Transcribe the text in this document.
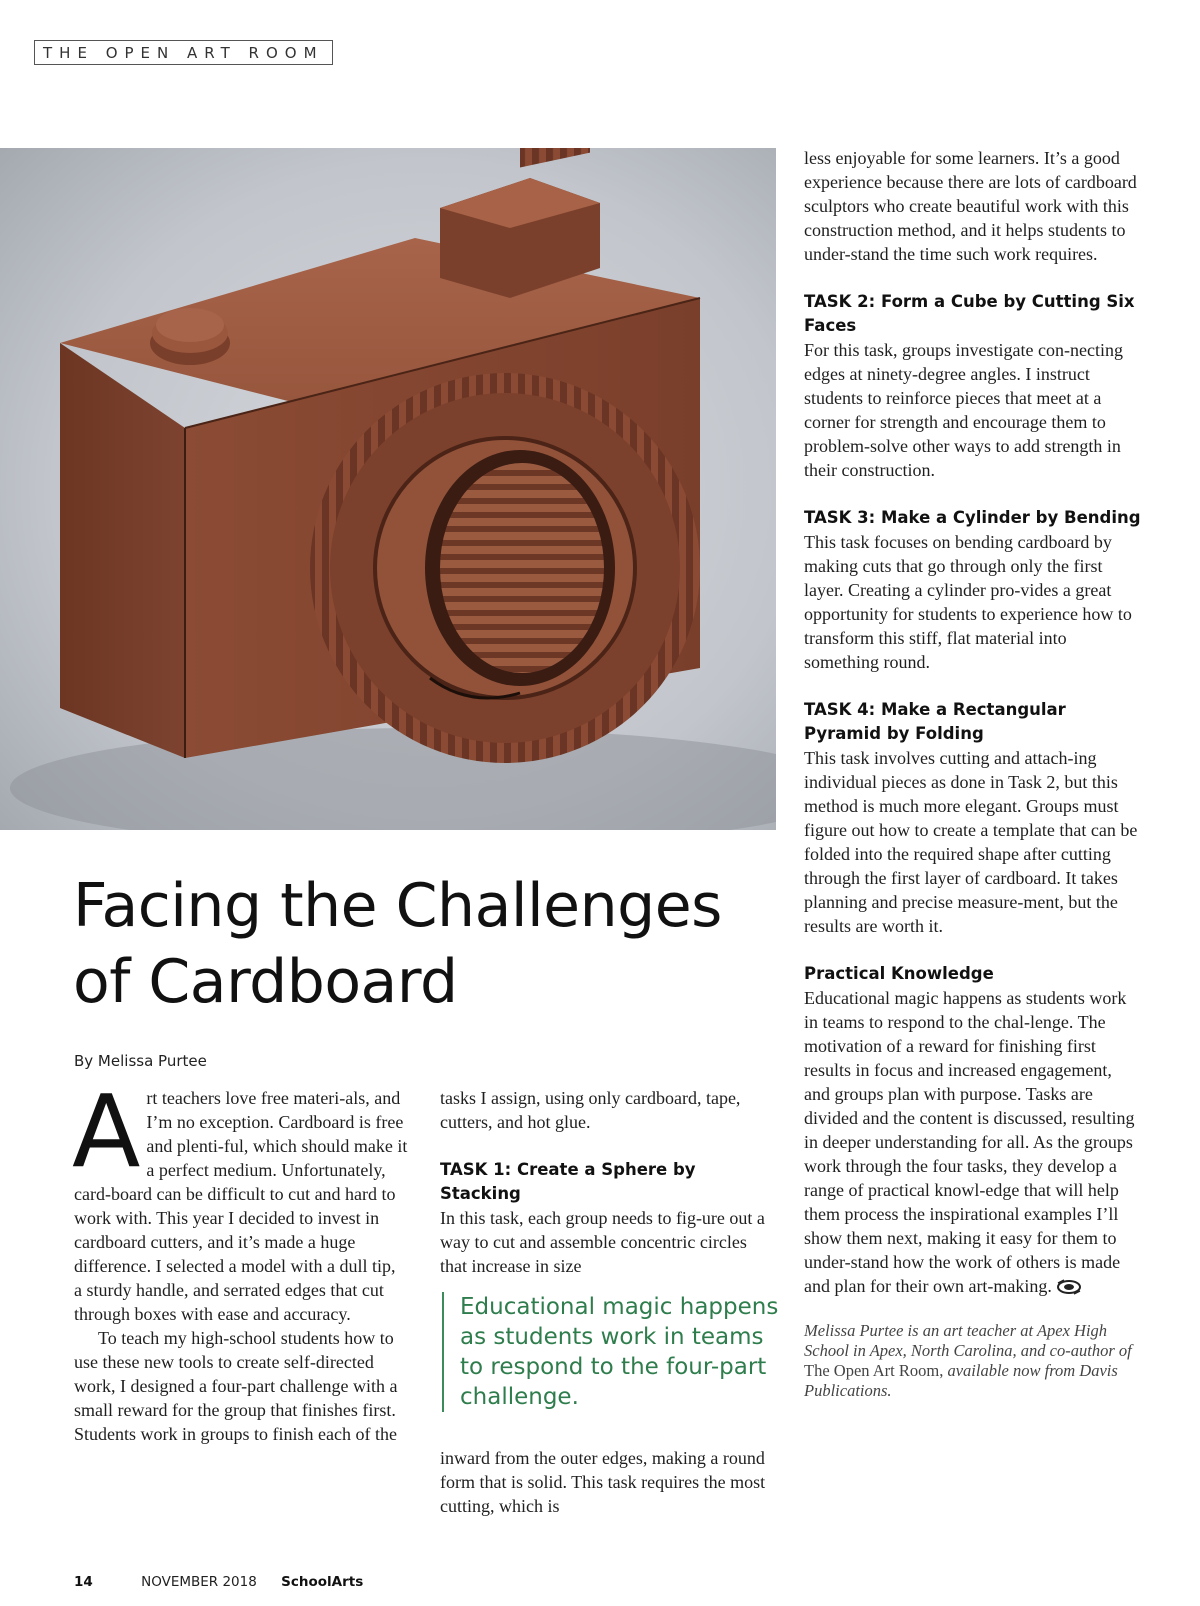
THE OPEN ART ROOM
Facing the Challenges
of Cardboard
By Melissa Purtee

Art teachers love free materi-als, and I’m no exception. Cardboard is free and plenti-ful, which should make it a perfect medium. Unfortunately, card-board can be difficult to cut and hard to work with. This year I decided to invest in cardboard cutters, and it’s made a huge difference. I selected a model with a dull tip, a sturdy handle, and serrated edges that cut through boxes with ease and accuracy.

To teach my high-school students how to use these new tools to create self-directed work, I designed a four-part challenge with a small reward for the group that finishes first. Students work in groups to finish each of the

tasks I assign, using only cardboard, tape, cutters, and hot glue.

TASK 1: Create a Sphere by Stacking

In this task, each group needs to fig-ure out a way to cut and assemble concentric circles that increase in size

Educational magic happens as students work in teams to respond to the four-part challenge.

inward from the outer edges, making a round form that is solid. This task requires the most cutting, which is

less enjoyable for some learners. It’s a good experience because there are lots of cardboard sculptors who create beautiful work with this construction method, and it helps students to under-stand the time such work requires.

TASK 2: Form a Cube by Cutting Six Faces

For this task, groups investigate con-necting edges at ninety-degree angles. I instruct students to reinforce pieces that meet at a corner for strength and encourage them to problem-solve other ways to add strength in their construction.

TASK 3: Make a Cylinder by Bending

This task focuses on bending cardboard by making cuts that go through only the first layer. Creating a cylinder pro-vides a great opportunity for students to experience how to transform this stiff, flat material into something round.

TASK 4: Make a Rectangular Pyramid by Folding

This task involves cutting and attach-ing individual pieces as done in Task 2, but this method is much more elegant. Groups must figure out how to create a template that can be folded into the required shape after cutting through the first layer of cardboard. It takes planning and precise measure-ment, but the results are worth it.

Practical Knowledge

Educational magic happens as students work in teams to respond to the chal-lenge. The motivation of a reward for finishing first results in focus and increased engagement, and groups plan with purpose. Tasks are divided and the content is discussed, resulting in deeper understanding for all. As the groups work through the four tasks, they develop a range of practical knowl-edge that will help them process the inspirational examples I’ll show them next, making it easy for them to under-stand how the work of others is made and plan for their own art-making.

Melissa Purtee is an art teacher at Apex High School in Apex, North Carolina, and co-author of The Open Art Room, available now from Davis Publications.

14	NOVEMBER 2018 SchoolArts
